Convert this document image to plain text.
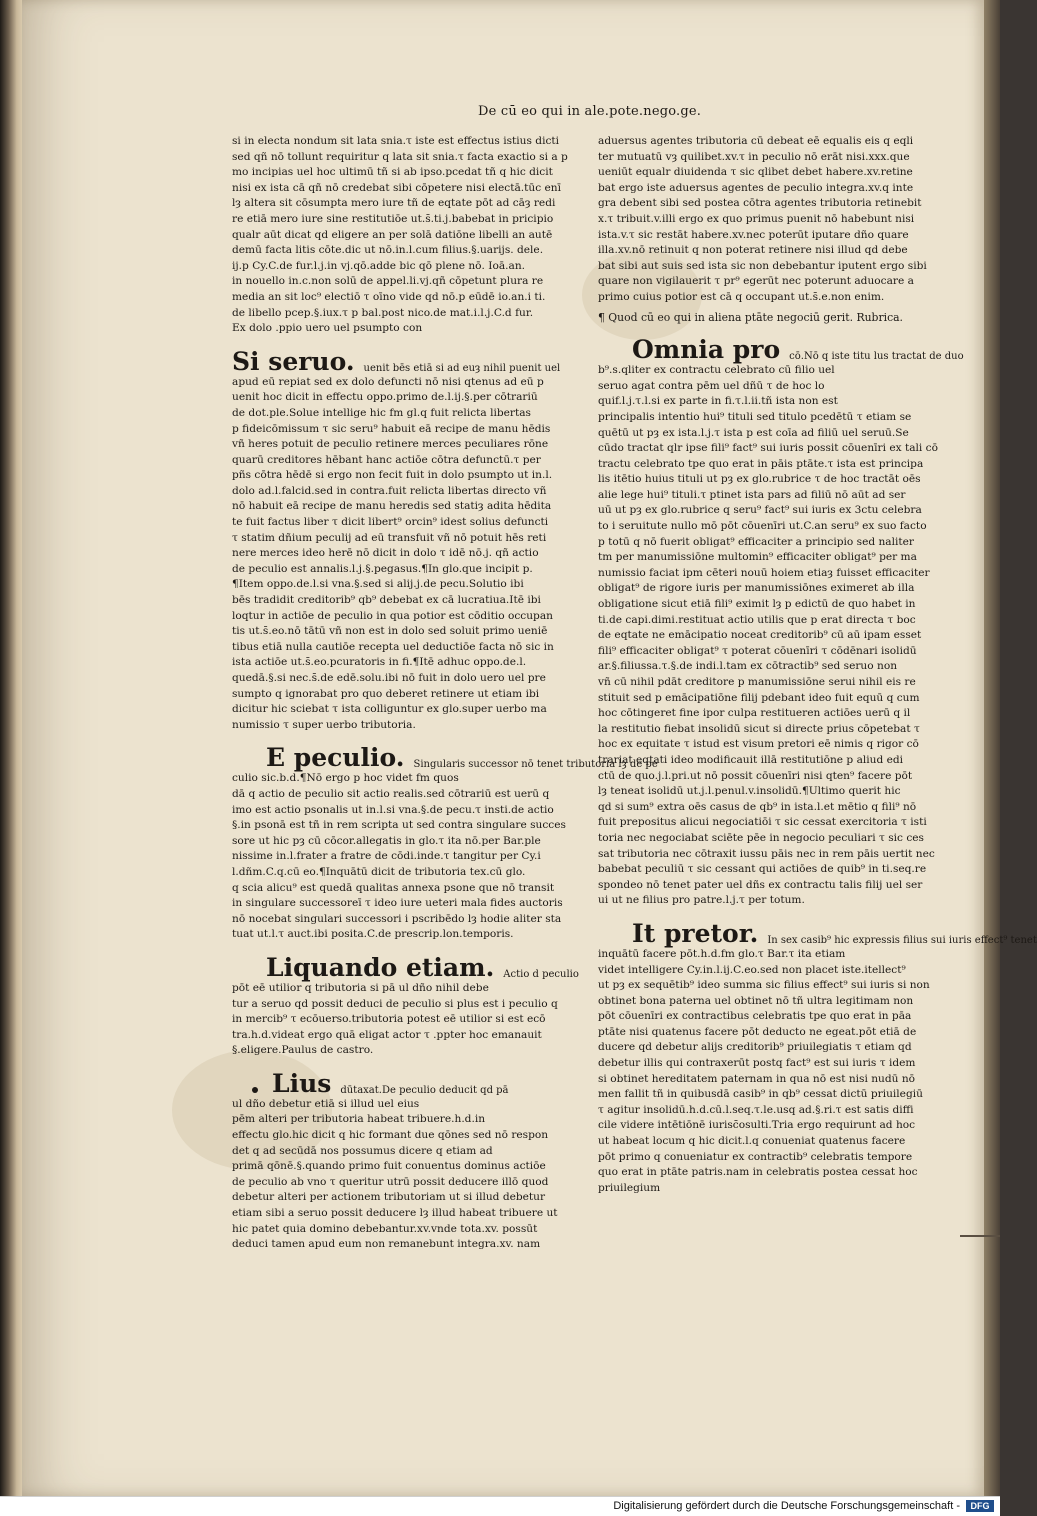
De cū eo qui in ale.pote.nego.ge.
si in electa nondum sit lata snia.τ iste est effectus istius dicti
sed qñ nō tollunt requiritur q lata sit snia.τ facta exactio si a p
mo incipias uel hoc ultimū tñ si ab ipso.pcedat tñ q hic dicit
nisi ex ista cā qñ nō credebat sibi cōpetere nisi electā.tūc enī
lȝ altera sit cōsumpta mero iure tñ de eqtate pōt ad cāȝ redi
re etiā mero iure sine restitutiōe ut.s̄.ti.j.babebat in pricipio
qualr aūt dicat qd eligere an per solā datiōne libelli an autē
demū facta litis cōte.dic ut nō.in.l.cum filius.§.uarijs. dele.
ij.p Cy.C.de fur.l.j.in vj.qō.adde bic qō plene nō. Ioā.an.
in nouello in.c.non solū de appel.li.vj.qñ cōpetunt plura re
media an sit loc⁹ electiō τ oīno vide qd nō.p eūdē io.an.i ti.
de libello pcep.§.iux.τ p bal.post nico.de mat.i.l.j.C.d fur.
Ex dolo .ppio uero uel psumpto con
Si seruo. uenit bēs etiā si ad euȝ nihil puenit uel
apud eū repiat sed ex dolo defuncti nō nisi qtenus ad eū p
uenit hoc dicit in effectu oppo.primo de.l.ij.§.per cōtrariū
de dot.ple.Solue intellige hic fm gl.q fuit relicta libertas
p fideicōmissum τ sic seru⁹ habuit eā recipe de manu hēdis
vñ heres potuit de peculio retinere merces peculiares rōne
quarū creditores hēbant hanc actiōe cōtra defunctū.τ per
pñs cōtra hēdē si ergo non fecit fuit in dolo psumpto ut in.l.
dolo ad.l.falcid.sed in contra.fuit relicta libertas directo vñ
nō habuit eā recipe de manu heredis sed statiȝ adita hēdita
te fuit factus liber τ dicit libert⁹ orcin⁹ idest solius defuncti
τ statim dñium peculij ad eū transfuit vñ nō potuit hēs reti
nere merces ideo herē nō dicit in dolo τ idē nō.j. qñ actio
de peculio est annalis.l.j.§.pegasus.¶In glo.que incipit p.
¶Item oppo.de.l.si vna.§.sed si alij.j.de pecu.Solutio ibi
bēs tradidit creditorib⁹ qb⁹ debebat ex cā lucratiua.Itē ibi
loqtur in actiōe de peculio in qua potior est cōditio occupan
tis ut.s̄.eo.nō tātū vñ non est in dolo sed soluit primo ueniē
tibus etiā nulla cautiōe recepta uel deductiōe facta nō sic in
ista actiōe ut.s̄.eo.pcuratoris in fi.¶Itē adhuc oppo.de.l.
quedā.§.si nec.s̄.de edē.solu.ibi nō fuit in dolo uero uel pre
sumpto q ignorabat pro quo deberet retinere ut etiam ibi
dicitur hic sciebat τ ista colliguntur ex glo.super uerbo ma
numissio τ super uerbo tributoria.
E peculio. Singularis successor nō tenet tributoria lȝ de pe
culio sic.b.d.¶Nō ergo p hoc videt fm quos
dā q actio de peculio sit actio realis.sed cōtrariū est uerū q
imo est actio psonalis ut in.l.si vna.§.de pecu.τ insti.de actio
§.in psonā est tñ in rem scripta ut sed contra singulare succes
sore ut hic pȝ cū cōcor.allegatis in glo.τ ita nō.per Bar.ple
nissime in.l.frater a fratre de cōdi.inde.τ tangitur per Cy.i
l.dñm.C.q.cū eo.¶Inquātū dicit de tributoria tex.cū glo.
q scia alicu⁹ est quedā qualitas annexa psone que nō transit
in singulare successoreī τ ideo iure ueteri mala fides auctoris
nō nocebat singulari successori i pscribēdo lȝ hodie aliter sta
tuat ut.l.τ auct.ibi posita.C.de prescrip.lon.temporis.
Liquando etiam. Actio d peculio
pōt eē utilior q tributoria si pā ul dño nihil debe
tur a seruo qd possit deduci de peculio si plus est i peculio q
in mercib⁹ τ ecōuerso.tributoria potest eē utilior si est ecō
tra.h.d.videat ergo quā eligat actor τ .ppter hoc emanauit
§.eligere.Paulus de castro.
Lius dūtaxat.De peculio deducit qd pā
ul dño debetur etiā si illud uel eius
pēm alteri per tributoria habeat tribuere.h.d.in
effectu glo.hic dicit q hic formant due qōnes sed nō respon
det q ad secūdā nos possumus dicere q etiam ad
primā qōnē.§.quando primo fuit conuentus dominus actiōe
de peculio ab vno τ queritur utrū possit deducere illō quod
debetur alteri per actionem tributoriam ut si illud debetur
etiam sibi a seruo possit deducere lȝ illud habeat tribuere ut
hic patet quia domino debebantur.xv.vnde tota.xv. possūt
deduci tamen apud eum non remanebunt integra.xv. nam
aduersus agentes tributoria cū debeat eē equalis eis q eqli
ter mutuatū vȝ quilibet.xv.τ in peculio nō erāt nisi.xxx.que
ueniūt equalr diuidenda τ sic qlibet debet habere.xv.retine
bat ergo iste aduersus agentes de peculio integra.xv.q inte
gra debent sibi sed postea cōtra agentes tributoria retinebit
x.τ tribuit.v.illi ergo ex quo primus puenit nō habebunt nisi
ista.v.τ sic restāt habere.xv.nec poterūt iputare dño quare
illa.xv.nō retinuit q non poterat retinere nisi illud qd debe
bat sibi aut suis sed ista sic non debebantur iputent ergo sibi
quare non vigilauerit τ pr⁹ egerūt nec poterunt aduocare a
primo cuius potior est cā q occupant ut.s̄.e.non enim.
¶ Quod cū eo qui in aliena ptāte negociū gerit. Rubrica.
Omnia pro cō.Nō q iste titu lus tractat de duo
b⁹.s.qliter ex contractu celebrato cū filio uel
seruo agat contra pēm uel dñū τ de hoc lo
quif.l.j.τ.l.si ex parte in fi.τ.l.ii.tñ ista non est
principalis intentio hui⁹ tituli sed titulo pcedētū τ etiam se
quētū ut pȝ ex ista.l.j.τ ista p est coīa ad filiū uel seruū.Se
cūdo tractat qlr ipse fili⁹ fact⁹ sui iuris possit cōuenīri ex tali cō
tractu celebrato tpe quo erat in pāis ptāte.τ ista est principa
lis itētio huius tituli ut pȝ ex glo.rubrice τ de hoc tractāt oēs
alie lege hui⁹ tituli.τ ptinet ista pars ad filiū nō aūt ad ser
uū ut pȝ ex glo.rubrice q seru⁹ fact⁹ sui iuris ex 3ctu celebra
to i seruitute nullo mō pōt cōuenīri ut.C.an seru⁹ ex suo facto
p totū q nō fuerit obligat⁹ efficaciter a principio sed naliter
tm per manumissiōne multomin⁹ efficaciter obligat⁹ per ma
numissio faciat ipm cēteri nouū hoiem etiaȝ fuisset efficaciter
obligat⁹ de rigore iuris per manumissiōnes eximeret ab illa
obligatione sicut etiā fili⁹ eximit lȝ p edictū de quo habet in
ti.de capi.dimi.restituat actio utilis que p erat directa τ boc
de eqtate ne emācipatio noceat creditorib⁹ cū aū ipam esset
fili⁹ efficaciter obligat⁹ τ poterat cōuenīri τ cōdēnari isolidū
ar.§.filiussa.τ.§.de indi.l.tam ex cōtractib⁹ sed seruo non
vñ cū nihil pdāt creditore p manumissiōne serui nihil eis re
stituit sed p emācipatiōne filij pdebant ideo fuit equū q cum
hoc cōtingeret fine ipor culpa restitueren actiōes uerū q il
la restitutio fiebat insolidū sicut si directe prius cōpetebat τ
hoc ex equitate τ istud est visum pretori eē nimis q rigor cō
trariat eqtati ideo modificauit illā restitutiōne p aliud edi
ctū de quo.j.l.pri.ut nō possit cōuenīri nisi qten⁹ facere pōt
lȝ teneat isolidū ut.j.l.penul.v.insolidū.¶Ultimo querit hic
qd si sum⁹ extra oēs casus de qb⁹ in ista.l.et mētio q fili⁹ nō
fuit prepositus alicui negociatiōi τ sic cessat exercitoria τ isti
toria nec negociabat sciēte pēe in negocio peculiari τ sic ces
sat tributoria nec cōtraxit iussu pāis nec in rem pāis uertit nec
babebat peculiū τ sic cessant qui actiōes de quib⁹ in ti.seq.re
spondeo nō tenet pater uel dñs ex contractu talis filij uel ser
ui ut ne filius pro patre.l.j.τ per totum.
It pretor. In sex casib⁹ hic expressis filius sui iuris effect⁹ tenet
inquātū facere pōt.h.d.fm glo.τ Bar.τ ita etiam
videt intelligere Cy.in.l.ij.C.eo.sed non placet iste.itellect⁹
ut pȝ ex sequētib⁹ ideo summa sic filius effect⁹ sui iuris si non
obtinet bona paterna uel obtinet nō tñ ultra legitimam non
pōt cōuenīri ex contractibus celebratis tpe quo erat in pāa
ptāte nisi quatenus facere pōt deducto ne egeat.pōt etiā de
ducere qd debetur alijs creditorib⁹ priuilegiatis τ etiam qd
debetur illis qui contraxerūt postq fact⁹ est sui iuris τ idem
si obtinet hereditatem paternam in qua nō est nisi nudū nō
men fallit tñ in quibusdā casib⁹ in qb⁹ cessat dictū priuilegiū
τ agitur insolidū.h.d.cū.l.seq.τ.le.usq ad.§.ri.τ est satis diffi
cile videre intētiōnē iurisc̄osulti.Tria ergo requirunt ad hoc
ut habeat locum q hic dicit.l.q conueniat quatenus facere
pōt primo q conueniatur ex contractib⁹ celebratis tempore
quo erat in ptāte patris.nam in celebratis postea cessat hoc
priuilegium
Digitalisierung gefördert durch die Deutsche Forschungsgemeinschaft -	DFG
